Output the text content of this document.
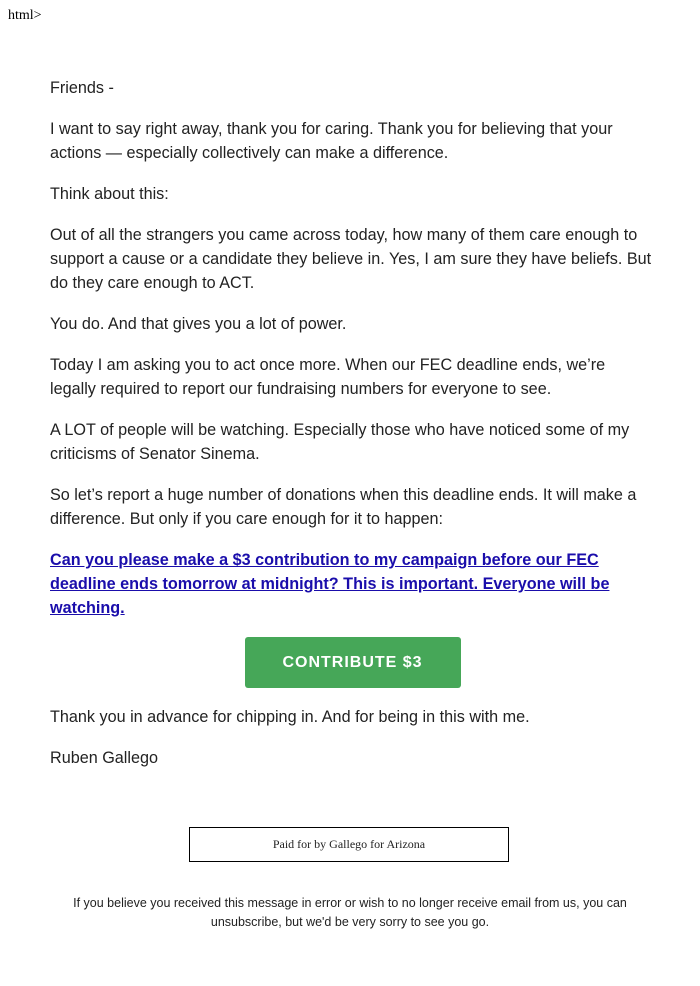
html>

Friends -

I want to say right away, thank you for caring. Thank you for believing that your actions — especially collectively can make a difference.

Think about this:

Out of all the strangers you came across today, how many of them care enough to support a cause or a candidate they believe in. Yes, I am sure they have beliefs. But do they care enough to ACT.

You do. And that gives you a lot of power.

Today I am asking you to act once more. When our FEC deadline ends, we’re legally required to report our fundraising numbers for everyone to see.

A LOT of people will be watching. Especially those who have noticed some of my criticisms of Senator Sinema.

So let’s report a huge number of donations when this deadline ends. It will make a difference. But only if you care enough for it to happen:

Can you please make a $3 contribution to my campaign before our FEC deadline ends tomorrow at midnight? This is important. Everyone will be watching.
CONTRIBUTE $3

Thank you in advance for chipping in. And for being in this with me.

Ruben Gallego

Paid for by Gallego for Arizona

If you believe you received this message in error or wish to no longer receive email from us, you can unsubscribe, but we'd be very sorry to see you go.
